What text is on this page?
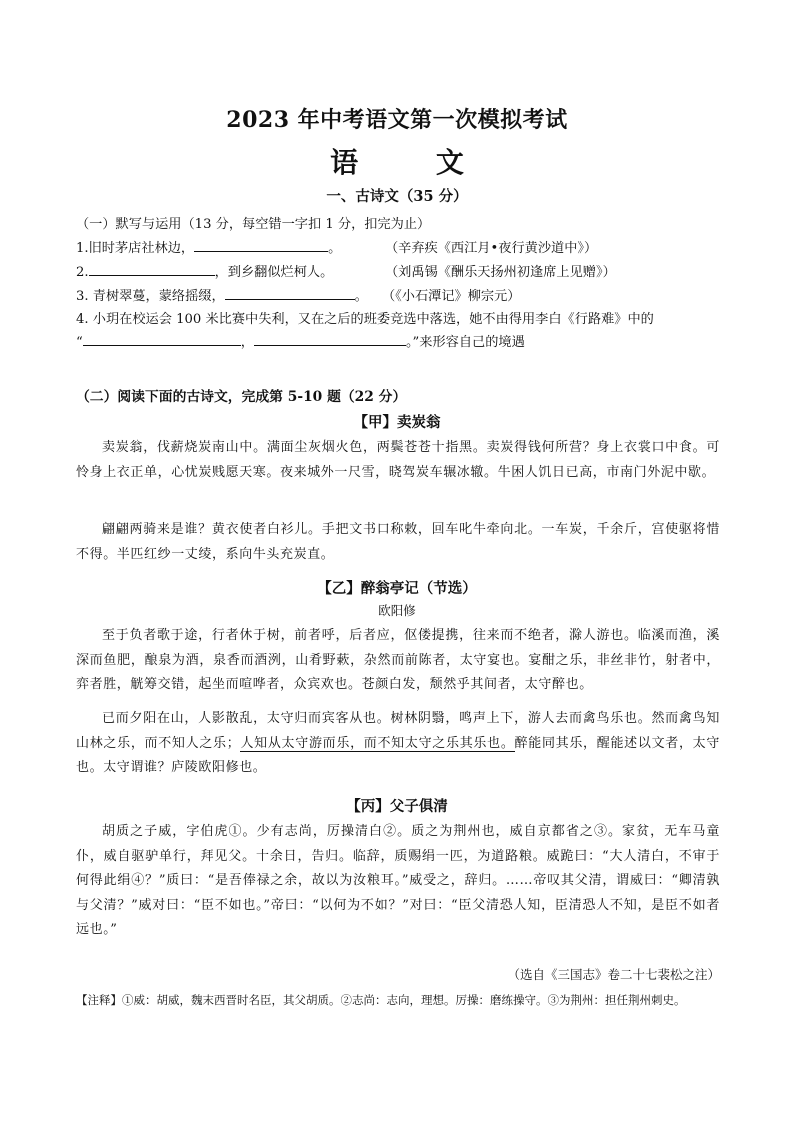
2023 年中考语文第一次模拟考试
语 文
一、古诗文（35 分）
（一）默写与运用（13 分，每空错一字扣 1 分，扣完为止）
1.旧时茅店社林边，	。	（辛弃疾《西江月•夜行黄沙道中》）
2.	，到乡翻似烂柯人。	（刘禹锡《酬乐天扬州初逢席上见赠》）
3. 青树翠蔓，蒙络摇缀，	。 （《小石潭记》柳宗元）
4. 小玥在校运会 100 米比赛中失利，又在之后的班委竞选中落选，她不由得用李白《行路难》中的
“	，	。”来形容自己的境遇
（二）阅读下面的古诗文，完成第 5-10 题（22 分）
【甲】卖炭翁
卖炭翁，伐薪烧炭南山中。满面尘灰烟火色，两鬓苍苍十指黑。卖炭得钱何所营？身上衣裳口中食。可怜身上衣正单，心忧炭贱愿天寒。夜来城外一尺雪，晓驾炭车辗冰辙。牛困人饥日已高，市南门外泥中歇。
翩翩两骑来是谁？黄衣使者白衫儿。手把文书口称敕，回车叱牛牵向北。一车炭，千余斤，宫使驱将惜不得。半匹红纱一丈绫，系向牛头充炭直。
【乙】醉翁亭记（节选）
欧阳修
至于负者歌于途，行者休于树，前者呼，后者应，伛偻提携，往来而不绝者，滁人游也。临溪而渔，溪深而鱼肥，酿泉为酒，泉香而酒洌，山肴野蔌，杂然而前陈者，太守宴也。宴酣之乐，非丝非竹，射者中，弈者胜，觥筹交错，起坐而喧哗者，众宾欢也。苍颜白发，颓然乎其间者，太守醉也。
已而夕阳在山，人影散乱，太守归而宾客从也。树林阴翳，鸣声上下，游人去而禽鸟乐也。然而禽鸟知山林之乐，而不知人之乐；人知从太守游而乐，而不知太守之乐其乐也。醉能同其乐，醒能述以文者，太守也。太守谓谁？庐陵欧阳修也。
【丙】父子俱清
胡质之子威，字伯虎①。少有志尚，厉操清白②。质之为荆州也，威自京都省之③。家贫，无车马童仆，威自驱驴单行，拜见父。十余日，告归。临辞，质赐绢一匹，为道路粮。威跪曰：“大人清白，不审于何得此绢④？”质曰：“是吾俸禄之余，故以为汝粮耳。”威受之，辞归。……帝叹其父清，谓威曰：“卿清孰与父清？”威对曰：“臣不如也。”帝曰：“以何为不如？”对曰：“臣父清恐人知，臣清恐人不知，是臣不如者远也。”
（选自《三国志》卷二十七裴松之注）
【注释】①威：胡威，魏末西晋时名臣，其父胡质。②志尚：志向，理想。厉操：磨练操守。③为荆州：担任荆州刺史。
